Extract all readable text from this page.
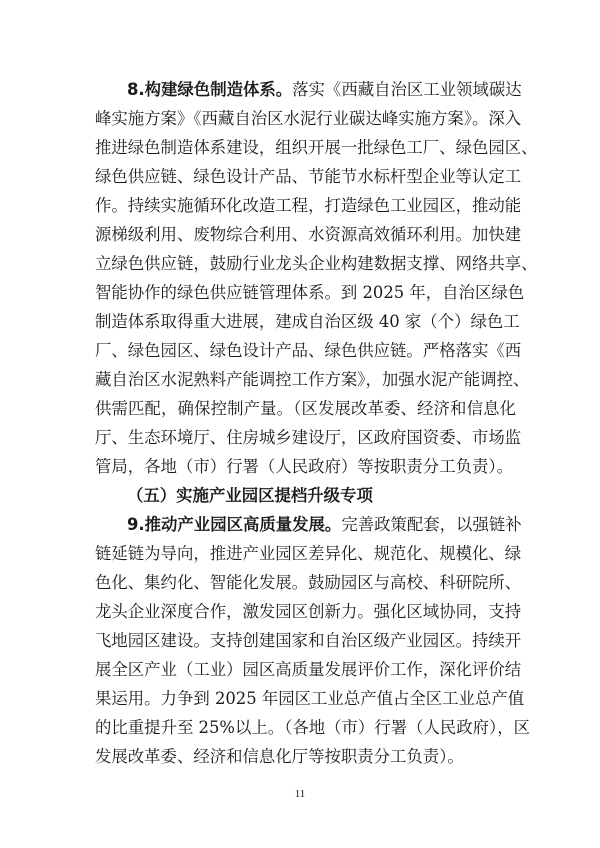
8.构建绿色制造体系。落实《西藏自治区工业领域碳达
峰实施方案》《西藏自治区水泥行业碳达峰实施方案》。深入
推进绿色制造体系建设，组织开展一批绿色工厂、绿色园区、
绿色供应链、绿色设计产品、节能节水标杆型企业等认定工
作。持续实施循环化改造工程，打造绿色工业园区，推动能
源梯级利用、废物综合利用、水资源高效循环利用。加快建
立绿色供应链，鼓励行业龙头企业构建数据支撑、网络共享、
智能协作的绿色供应链管理体系。到 2025 年，自治区绿色
制造体系取得重大进展，建成自治区级 40 家（个）绿色工
厂、绿色园区、绿色设计产品、绿色供应链。严格落实《西
藏自治区水泥熟料产能调控工作方案》，加强水泥产能调控、
供需匹配，确保控制产量。（区发展改革委、经济和信息化
厅、生态环境厅、住房城乡建设厅，区政府国资委、市场监
管局，各地（市）行署（人民政府）等按职责分工负责）。
（五）实施产业园区提档升级专项
9.推动产业园区高质量发展。完善政策配套，以强链补
链延链为导向，推进产业园区差异化、规范化、规模化、绿
色化、集约化、智能化发展。鼓励园区与高校、科研院所、
龙头企业深度合作，激发园区创新力。强化区域协同，支持
飞地园区建设。支持创建国家和自治区级产业园区。持续开
展全区产业（工业）园区高质量发展评价工作，深化评价结
果运用。力争到 2025 年园区工业总产值占全区工业总产值
的比重提升至 25%以上。（各地（市）行署（人民政府），区
发展改革委、经济和信息化厅等按职责分工负责）。
11
